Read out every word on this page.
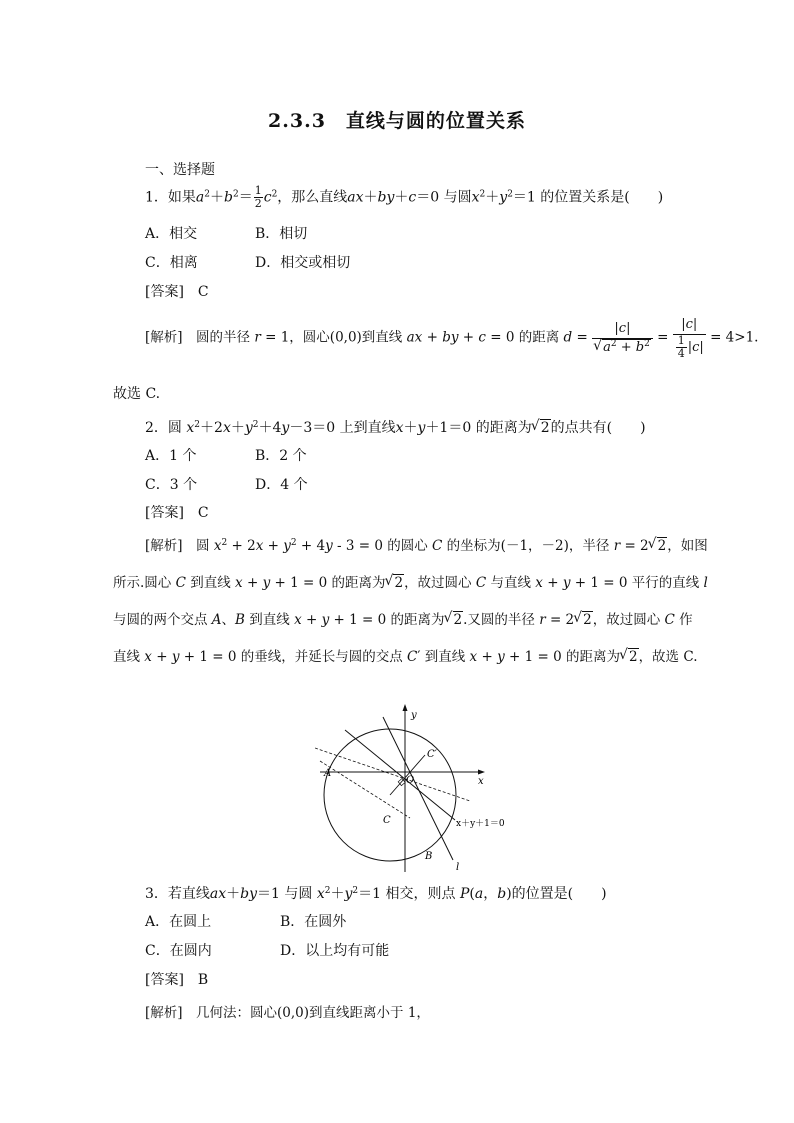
2.3.3　直线与圆的位置关系
一、选择题
1．如果$a^2+b^2= \frac{1}{2} c^2$，那么直线ax＋by＋c＝0 与圆$x^2+y^2=1$ 的位置关系是(　　)
A．相交	B．相切
C．相离	D．相交或相切
[答案]　C
[解析]　圆的半径 r = 1，圆心(0,0)到直线 ax + by + c = 0 的距离 d = |c|
√ $a^2 + b^2 = \frac{|c|}{\frac{1}{4} |c|} = 4>1$.
故选 C.
2．圆 $x^2+2x+y^2+4y-3=0$ 上到直线x＋y＋1＝0 的距离为 √ 2的点共有(　　)
A．1 个	B．2 个
C．3 个	D．4 个
[答案]　C
[解析]　圆 $x^2 + 2x + y^2 + 4y - 3 = 0$ 的圆心 C 的坐标为(－1，－2)，半径 r = 2 √ 2，如图
所示.圆心 C 到直线 x + y + 1 = 0 的距离为 √ 2，故过圆心 C 与直线 x + y + 1 = 0 平行的直线 l
与圆的两个交点 A、B 到直线 x + y + 1 = 0 的距离为 √ 2.又圆的半径 r = 2 √ 2，故过圆心 C 作
直线 x + y + 1 = 0 的垂线，并延长与圆的交点 C′ 到直线 x + y + 1 = 0 的距离为 √ 2，故选 C.
y
x
O
A
B
C
C′
l
x＋y＋1＝0
3．若直线ax＋by＝1 与圆 $x^2+y^2=1$ 相交，则点 P(a，b)的位置是(　　)
A．在圆上	B．在圆外
C．在圆内	D．以上均有可能
[答案]　B
[解析]　几何法：圆心(0,0)到直线距离小于 1，
